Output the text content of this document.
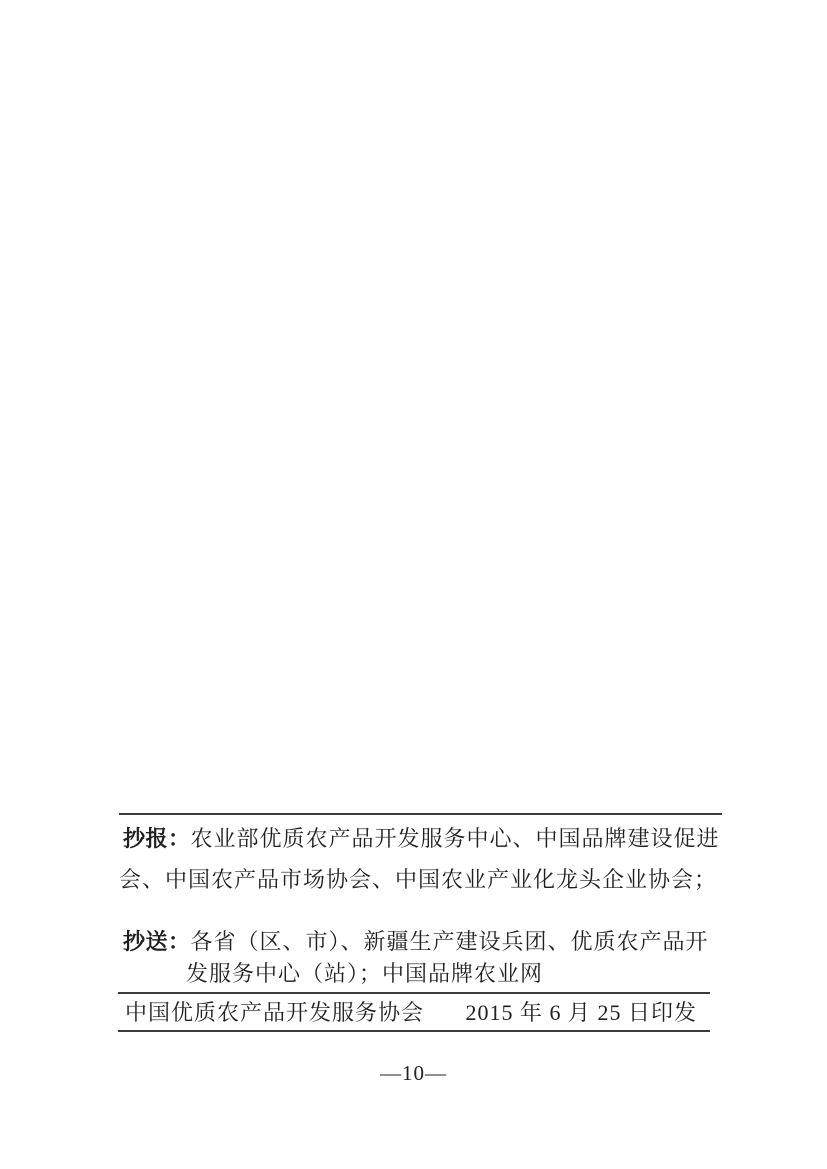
抄报：农业部优质农产品开发服务中心、中国品牌建设促进
会、中国农产品市场协会、中国农业产业化龙头企业协会；
抄送：各省（区、市）、新疆生产建设兵团、优质农产品开
发服务中心（站）；中国品牌农业网
中国优质农产品开发服务协会 2015 年 6 月 25 日印发
—10—
